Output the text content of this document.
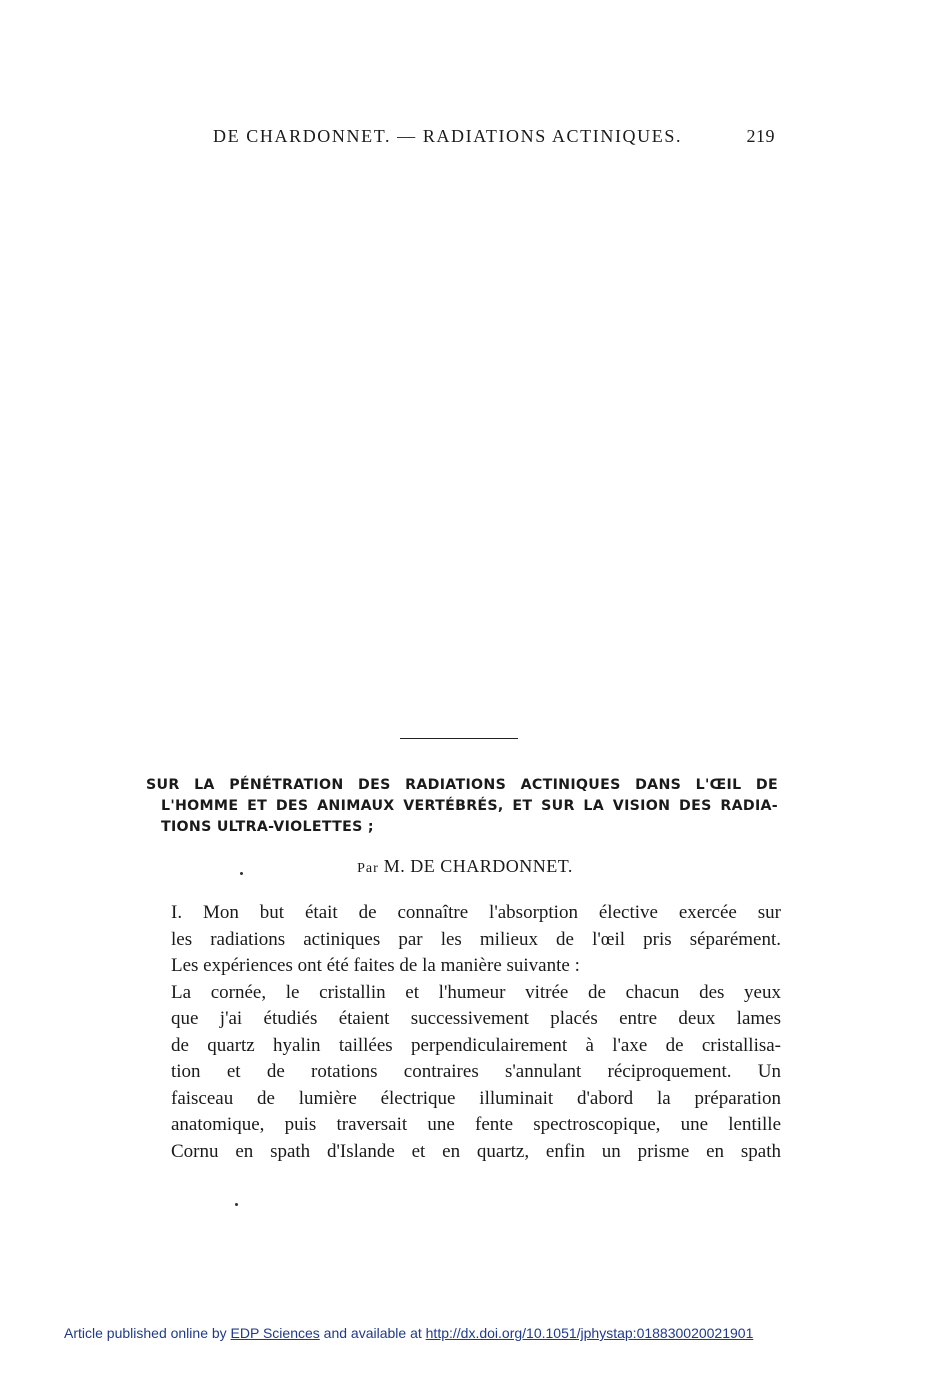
DE CHARDONNET. — RADIATIONS ACTINIQUES.	219
SUR LA PÉNÉTRATION DES RADIATIONS ACTINIQUES DANS L'ŒIL DE
L'HOMME ET DES ANIMAUX VERTÉBRÉS, ET SUR LA VISION DES RADIA-
TIONS ULTRA-VIOLETTES ;
Par M. DE CHARDONNET.

I. Mon but était de connaître l'absorption élective exercée sur
les radiations actiniques par les milieux de l'œil pris séparément.
Les expériences ont été faites de la manière suivante :

La cornée, le cristallin et l'humeur vitrée de chacun des yeux
que j'ai étudiés étaient successivement placés entre deux lames
de quartz hyalin taillées perpendiculairement à l'axe de cristallisa-
tion et de rotations contraires s'annulant réciproquement. Un
faisceau de lumière électrique illuminait d'abord la préparation
anatomique, puis traversait une fente spectroscopique, une lentille
Cornu en spath d'Islande et en quartz, enfin un prisme en spath

Article published online by EDP Sciences and available at http://dx.doi.org/10.1051/jphystap:018830020021901
